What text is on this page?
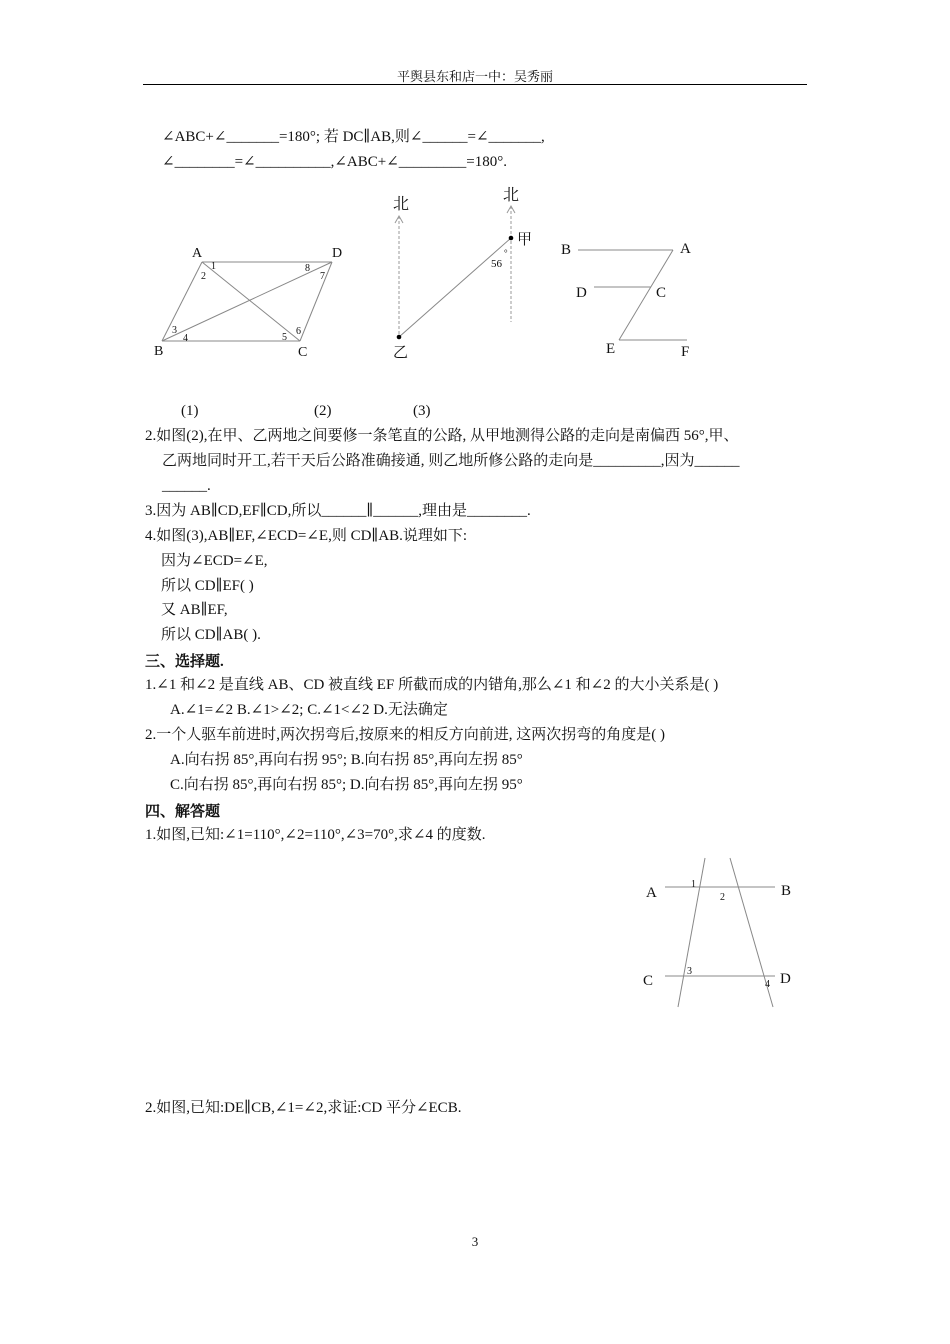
平舆县东和店一中：吴秀丽
∠ABC+∠_______=180°; 若 DC∥AB,则∠______=∠_______,
∠________=∠__________,∠ABC+∠_________=180°.
A	D
B	C
1
2
3
4	5
6
7
8
北
北
甲
乙
56
°	B	A
D	C
E	F
(1)	(2)	(3)
2.如图(2),在甲、乙两地之间要修一条笔直的公路, 从甲地测得公路的走向是南偏西 56°,甲、
乙两地同时开工,若干天后公路准确接通, 则乙地所修公路的走向是_________,因为______
______.
3.因为 AB∥CD,EF∥CD,所以______∥______,理由是________.
4.如图(3),AB∥EF,∠ECD=∠E,则 CD∥AB.说理如下:
因为∠ECD=∠E,
所以 CD∥EF( )
又 AB∥EF,
所以 CD∥AB( ).
三、选择题.
1.∠1 和∠2 是直线 AB、CD 被直线 EF 所截而成的内错角,那么∠1 和∠2 的大小关系是( )
A.∠1=∠2 B.∠1>∠2; C.∠1<∠2 D.无法确定
2.一个人驱车前进时,两次拐弯后,按原来的相反方向前进, 这两次拐弯的角度是( )
A.向右拐 85°,再向右拐 95°; B.向右拐 85°,再向左拐 85°
C.向右拐 85°,再向右拐 85°; D.向右拐 85°,再向左拐 95°
四、解答题
1.如图,已知:∠1=110°,∠2=110°,∠3=70°,求∠4 的度数.
A	B
C	D
1
2
3
4
2.如图,已知:DE∥CB,∠1=∠2,求证:CD 平分∠ECB.
3
